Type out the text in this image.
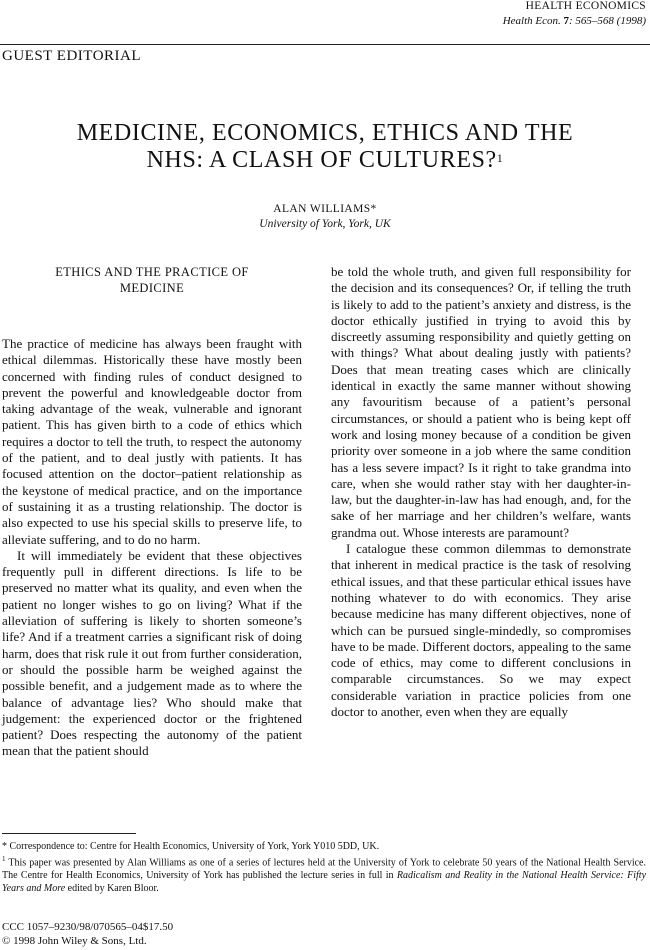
HEALTH ECONOMICS
Health Econ. 7: 565–568 (1998)
GUEST EDITORIAL
MEDICINE, ECONOMICS, ETHICS AND THE
NHS: A CLASH OF CULTURES?$^1$
ALAN WILLIAMS*
University of York, York, UK
ETHICS AND THE PRACTICE OF MEDICINE

The practice of medicine has always been fraught with ethical dilemmas. Historically these have mostly been concerned with finding rules of conduct designed to prevent the powerful and knowledgeable doctor from taking advantage of the weak, vulnerable and ignorant patient. This has given birth to a code of ethics which requires a doctor to tell the truth, to respect the autonomy of the patient, and to deal justly with patients. It has focused attention on the doctor–patient relationship as the keystone of medical practice, and on the importance of sustaining it as a trusting relationship. The doctor is also expected to use his special skills to preserve life, to alleviate suffering, and to do no harm.

It will immediately be evident that these objectives frequently pull in different directions. Is life to be preserved no matter what its quality, and even when the patient no longer wishes to go on living? What if the alleviation of suffering is likely to shorten someone’s life? And if a treatment carries a significant risk of doing harm, does that risk rule it out from further consideration, or should the possible harm be weighed against the possible benefit, and a judgement made as to where the balance of advantage lies? Who should make that judgement: the experienced doctor or the frightened patient? Does respecting the autonomy of the patient mean that the patient should

be told the whole truth, and given full responsibility for the decision and its consequences? Or, if telling the truth is likely to add to the patient’s anxiety and distress, is the doctor ethically justified in trying to avoid this by discreetly assuming responsibility and quietly getting on with things? What about dealing justly with patients? Does that mean treating cases which are clinically identical in exactly the same manner without showing any favouritism because of a patient’s personal circumstances, or should a patient who is being kept off work and losing money because of a condition be given priority over someone in a job where the same condition has a less severe impact? Is it right to take grandma into care, when she would rather stay with her daughter-in-law, but the daughter-in-law has had enough, and, for the sake of her marriage and her children’s welfare, wants grandma out. Whose interests are paramount?

I catalogue these common dilemmas to demonstrate that inherent in medical practice is the task of resolving ethical issues, and that these particular ethical issues have nothing whatever to do with economics. They arise because medicine has many different objectives, none of which can be pursued single-mindedly, so compromises have to be made. Different doctors, appealing to the same code of ethics, may come to different conclusions in comparable circumstances. So we may expect considerable variation in practice policies from one doctor to another, even when they are equally

* Correspondence to: Centre for Health Economics, University of York, York Y010 5DD, UK.
$^1$ This paper was presented by Alan Williams as one of a series of lectures held at the University of York to celebrate 50 years of the National Health Service. The Centre for Health Economics, University of York has published the lecture series in full in Radicalism and Reality in the National Health Service: Fifty Years and More edited by Karen Bloor.
CCC 1057–9230/98/070565–04$17.50
© 1998 John Wiley & Sons, Ltd.
